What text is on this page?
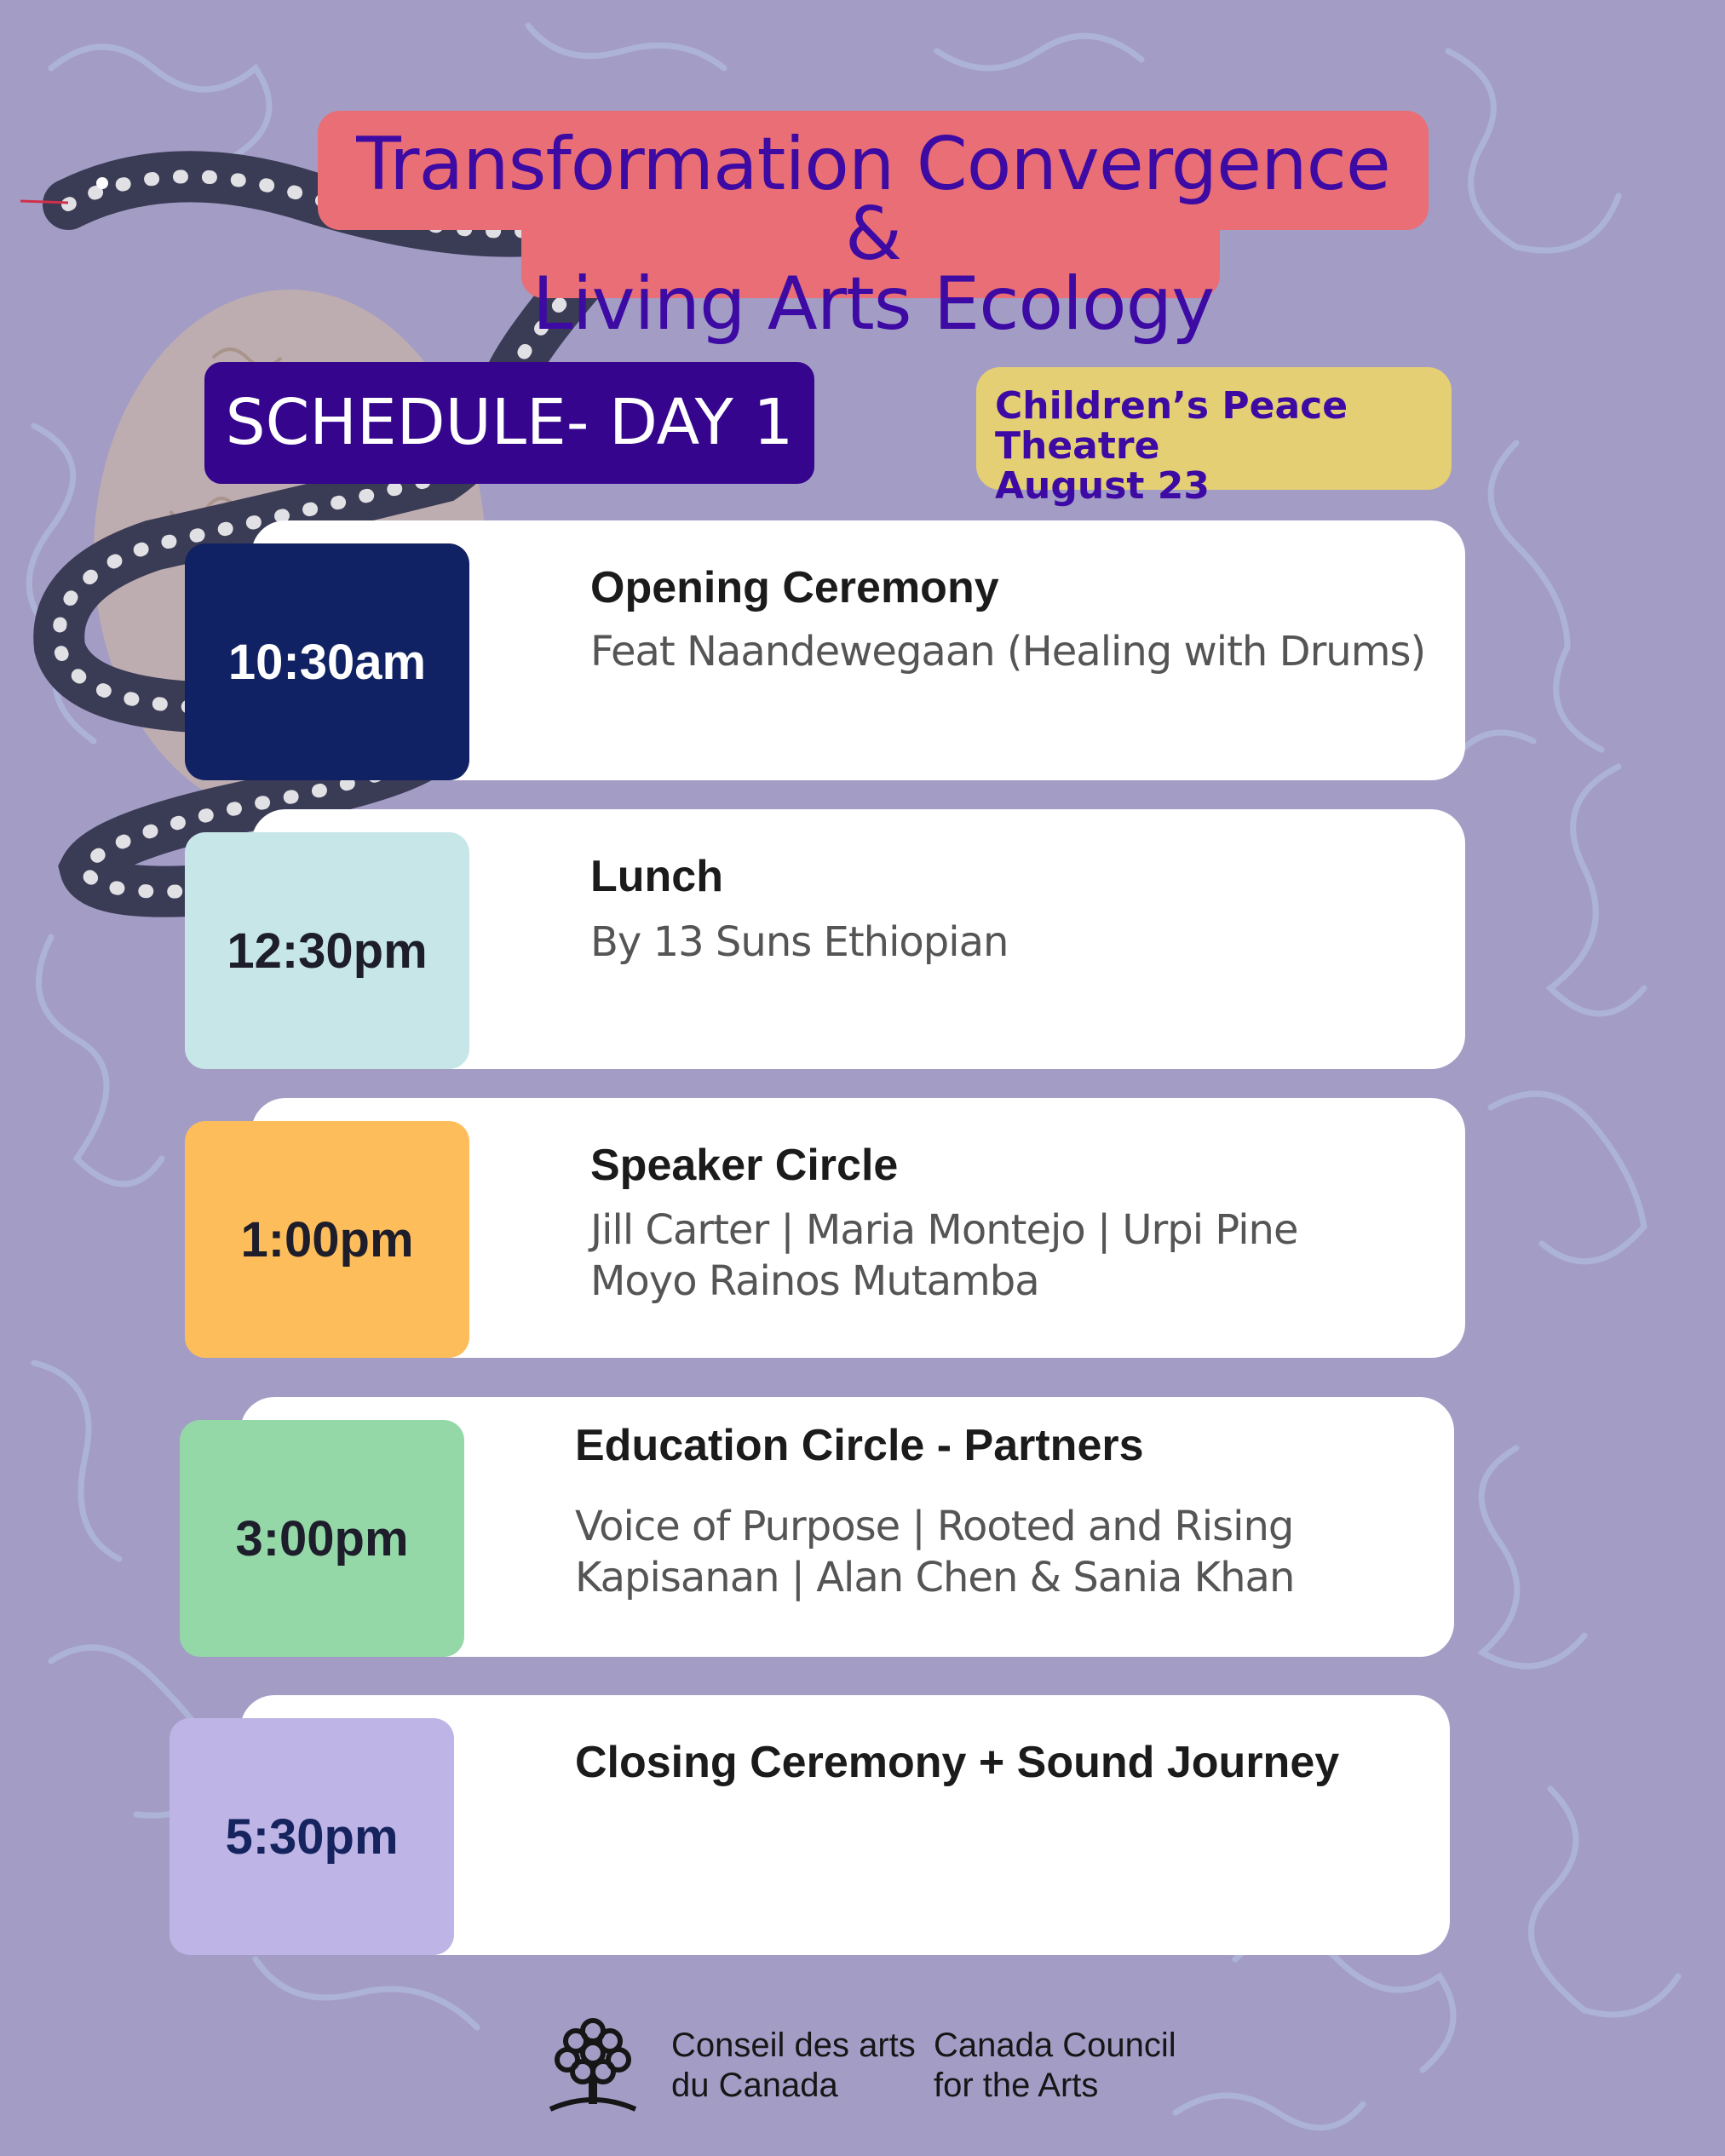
Transformation Convergence &
Living Arts Ecology
SCHEDULE- DAY 1	Children’s Peace Theatre
August 23
10:30am
Opening Ceremony
Feat Naandewegaan (Healing with Drums)
12:30pm
Lunch
By 13 Suns Ethiopian
1:00pm
Speaker Circle
Jill Carter | Maria Montejo | Urpi Pine
Moyo Rainos Mutamba
3:00pm
Education Circle - Partners
Voice of Purpose | Rooted and Rising
Kapisanan | Alan Chen & Sania Khan
5:30pm
Closing Ceremony + Sound Journey
Conseil des arts
du Canada
Canada Council
for the Arts
